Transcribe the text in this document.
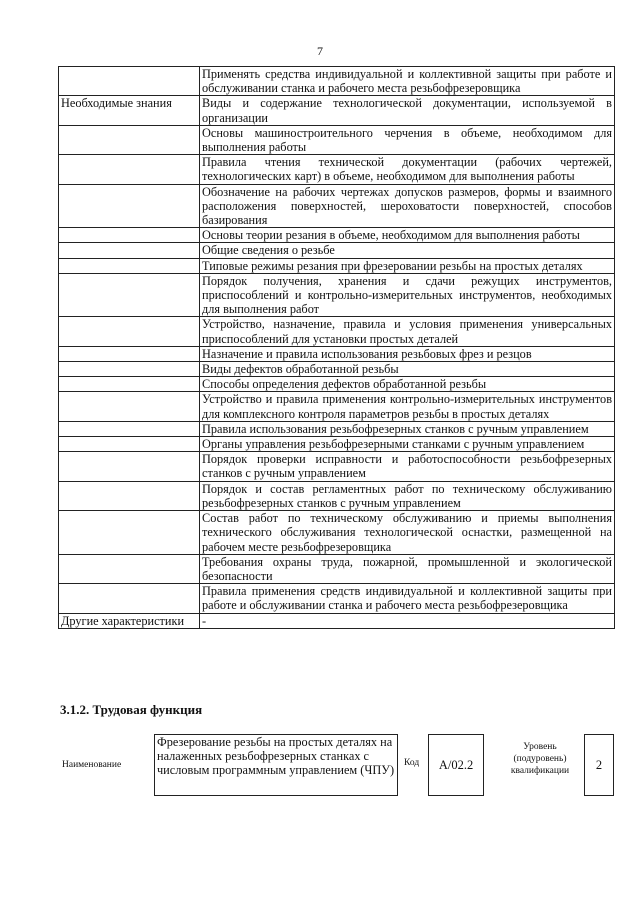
7
	Применять средства индивидуальной и коллективной защиты при работе и обслуживании станка и рабочего места резьбофрезеровщика
Необходимые знания	Виды и содержание технологической документации, используемой в организации
	Основы машиностроительного черчения в объеме, необходимом для выполнения работы
	Правила чтения технической документации (рабочих чертежей, технологических карт) в объеме, необходимом для выполнения работы
	Обозначение на рабочих чертежах допусков размеров, формы и взаимного расположения поверхностей, шероховатости поверхностей, способов базирования
	Основы теории резания в объеме, необходимом для выполнения работы
	Общие сведения о резьбе
	Типовые режимы резания при фрезеровании резьбы на простых деталях
	Порядок получения, хранения и сдачи режущих инструментов, приспособлений и контрольно-измерительных инструментов, необходимых для выполнения работ
	Устройство, назначение, правила и условия применения универсальных приспособлений для установки простых деталей
	Назначение и правила использования резьбовых фрез и резцов
	Виды дефектов обработанной резьбы
	Способы определения дефектов обработанной резьбы
	Устройство и правила применения контрольно-измерительных инструментов для комплексного контроля параметров резьбы в простых деталях
	Правила использования резьбофрезерных станков с ручным управлением
	Органы управления резьбофрезерными станками с ручным управлением
	Порядок проверки исправности и работоспособности резьбофрезерных станков с ручным управлением
	Порядок и состав регламентных работ по техническому обслуживанию резьбофрезерных станков с ручным управлением
	Состав работ по техническому обслуживанию и приемы выполнения технического обслуживания технологической оснастки, размещенной на рабочем месте резьбофрезеровщика
	Требования охраны труда, пожарной, промышленной и экологической безопасности
	Правила применения средств индивидуальной и коллективной защиты при работе и обслуживании станка и рабочего места резьбофрезеровщика
Другие характеристики	-
3.1.2. Трудовая функция
Наименование
Фрезерование резьбы на простых деталях на налаженных резьбофрезерных станках с числовым программным управлением (ЧПУ)
Код	А/02.2
Уровень (подуровень) квалификации	2
